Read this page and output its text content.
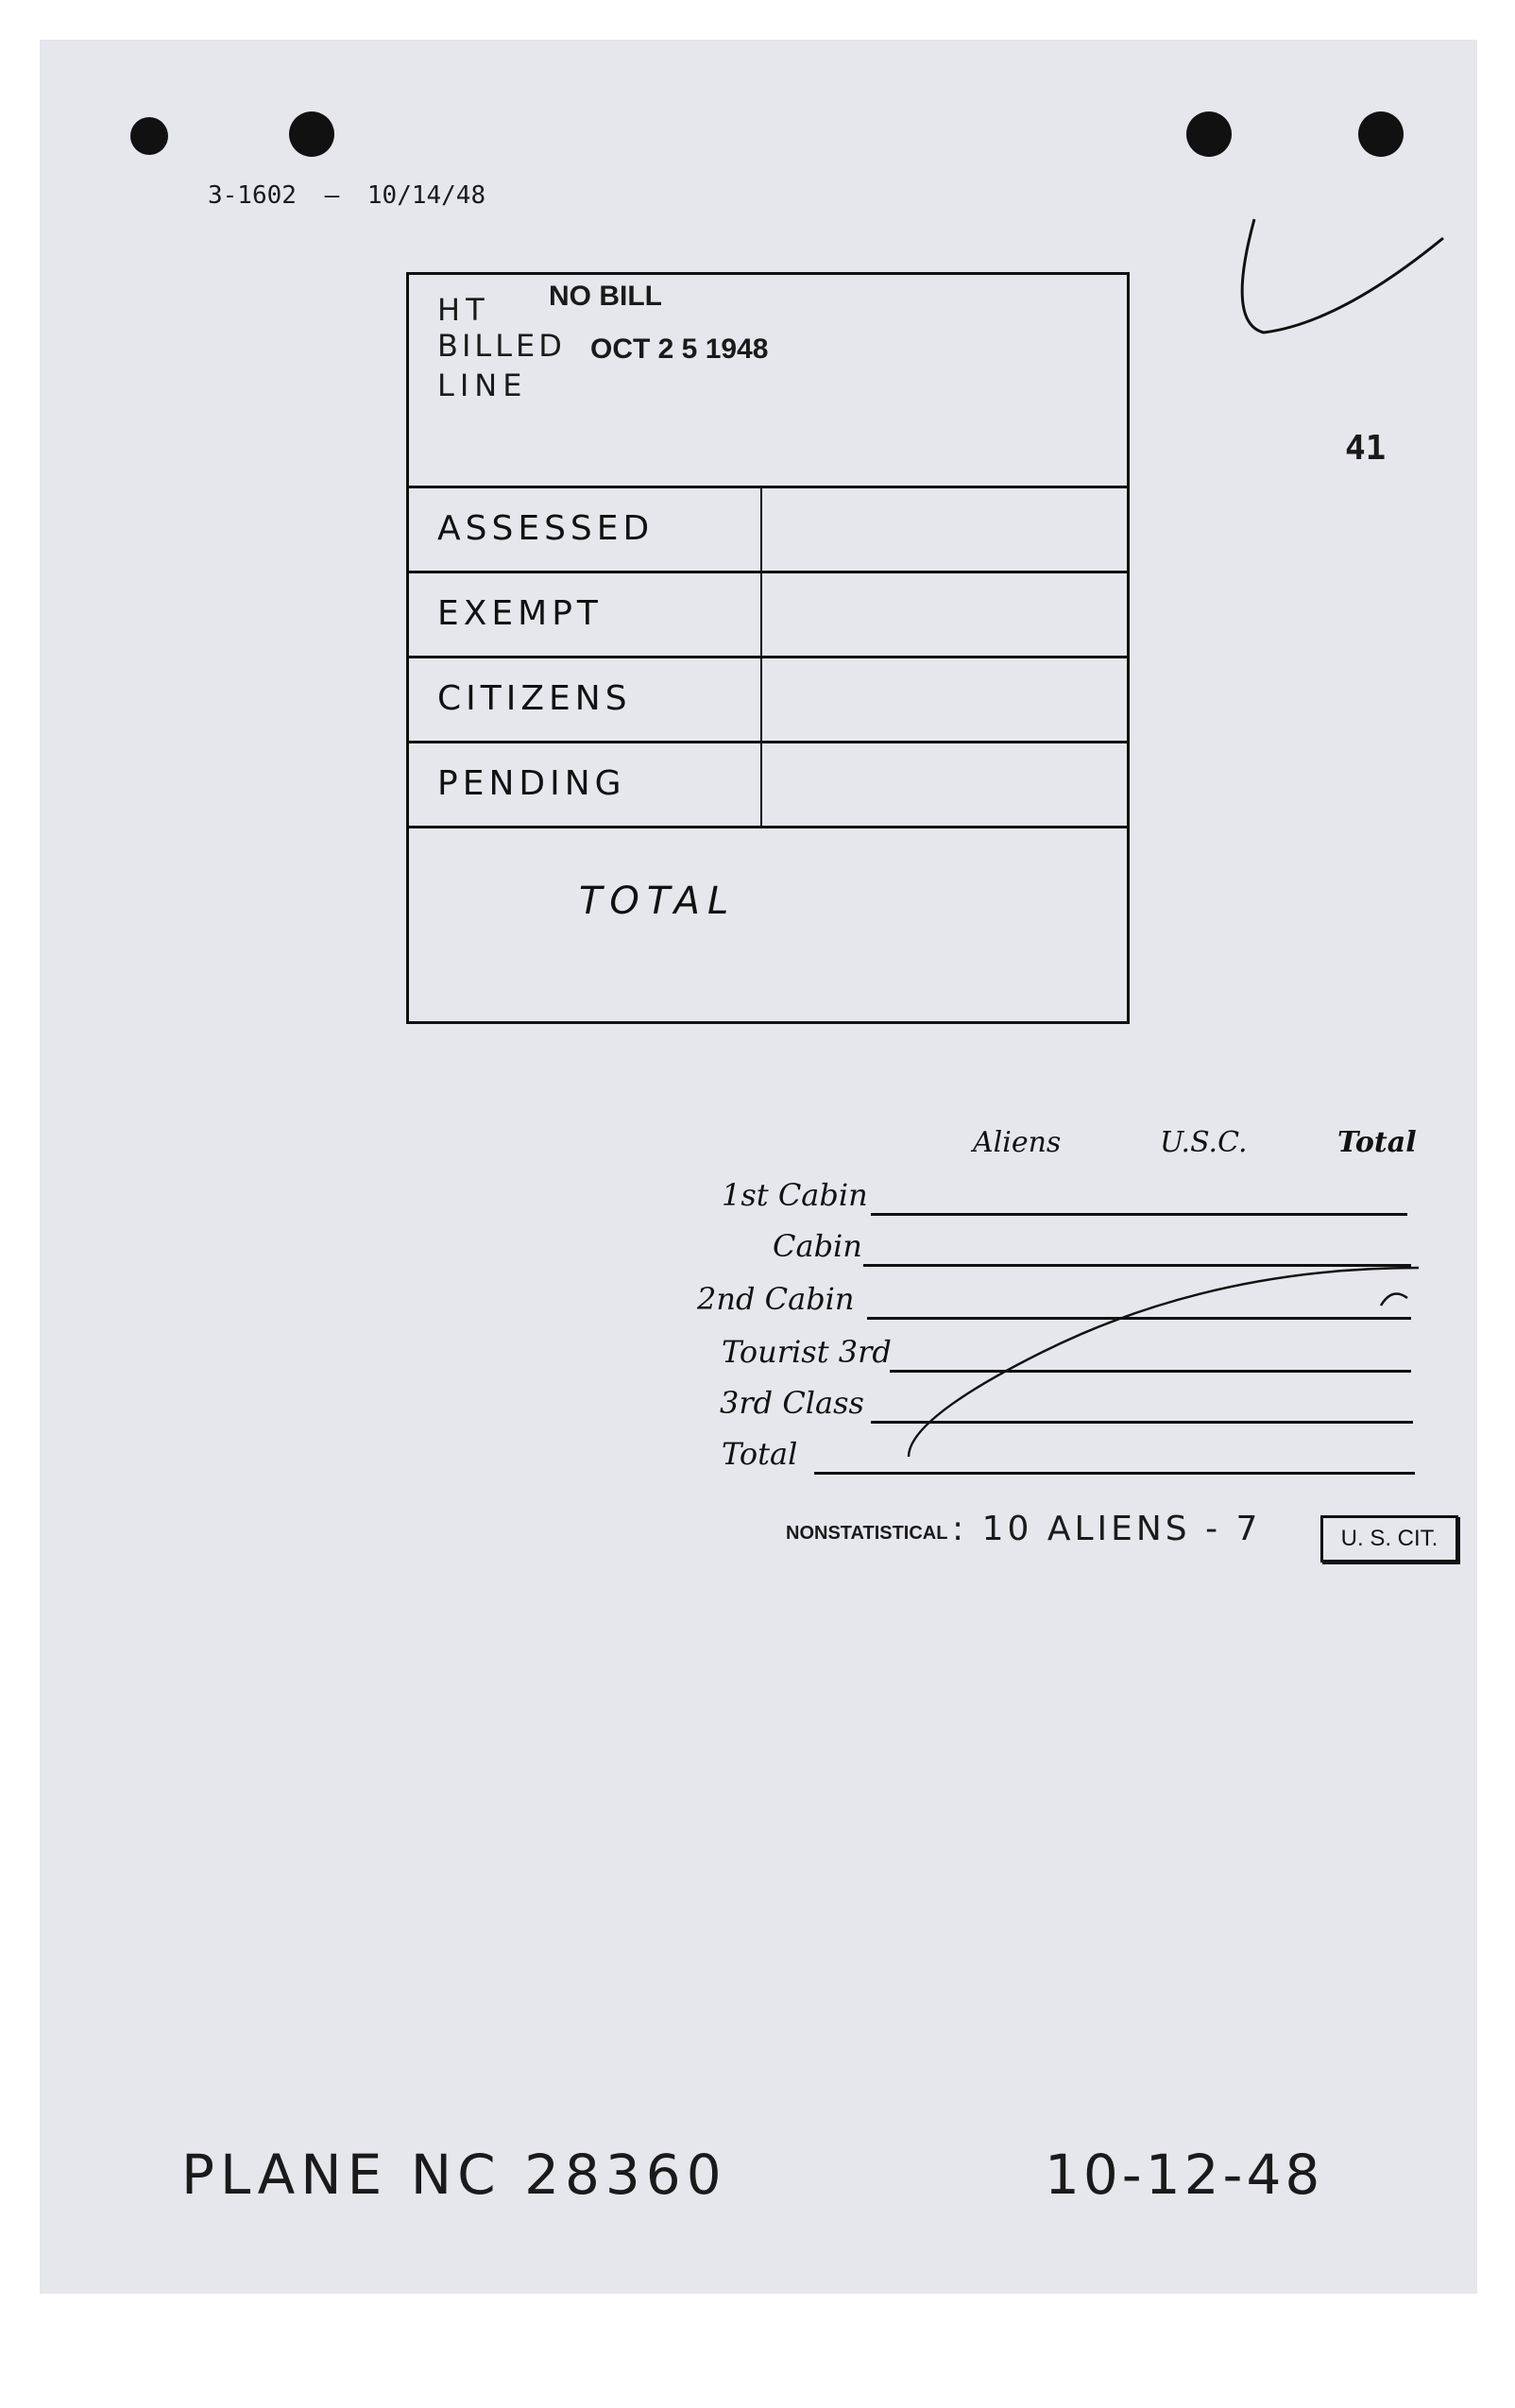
3-1602 — 10/14/48
41
HT
BILLED
LINE
NO BILL
OCT 2 5 1948
ASSESSED
EXEMPT
CITIZENS
PENDING
TOTAL
Aliens	U.S.C.	Total
1st Cabin
Cabin
2nd Cabin
Tourist 3rd
3rd Class
Total
NONSTATISTICAL : 10 ALIENS - 7	U. S. CIT.
PLANE NC 28360	10-12-48
